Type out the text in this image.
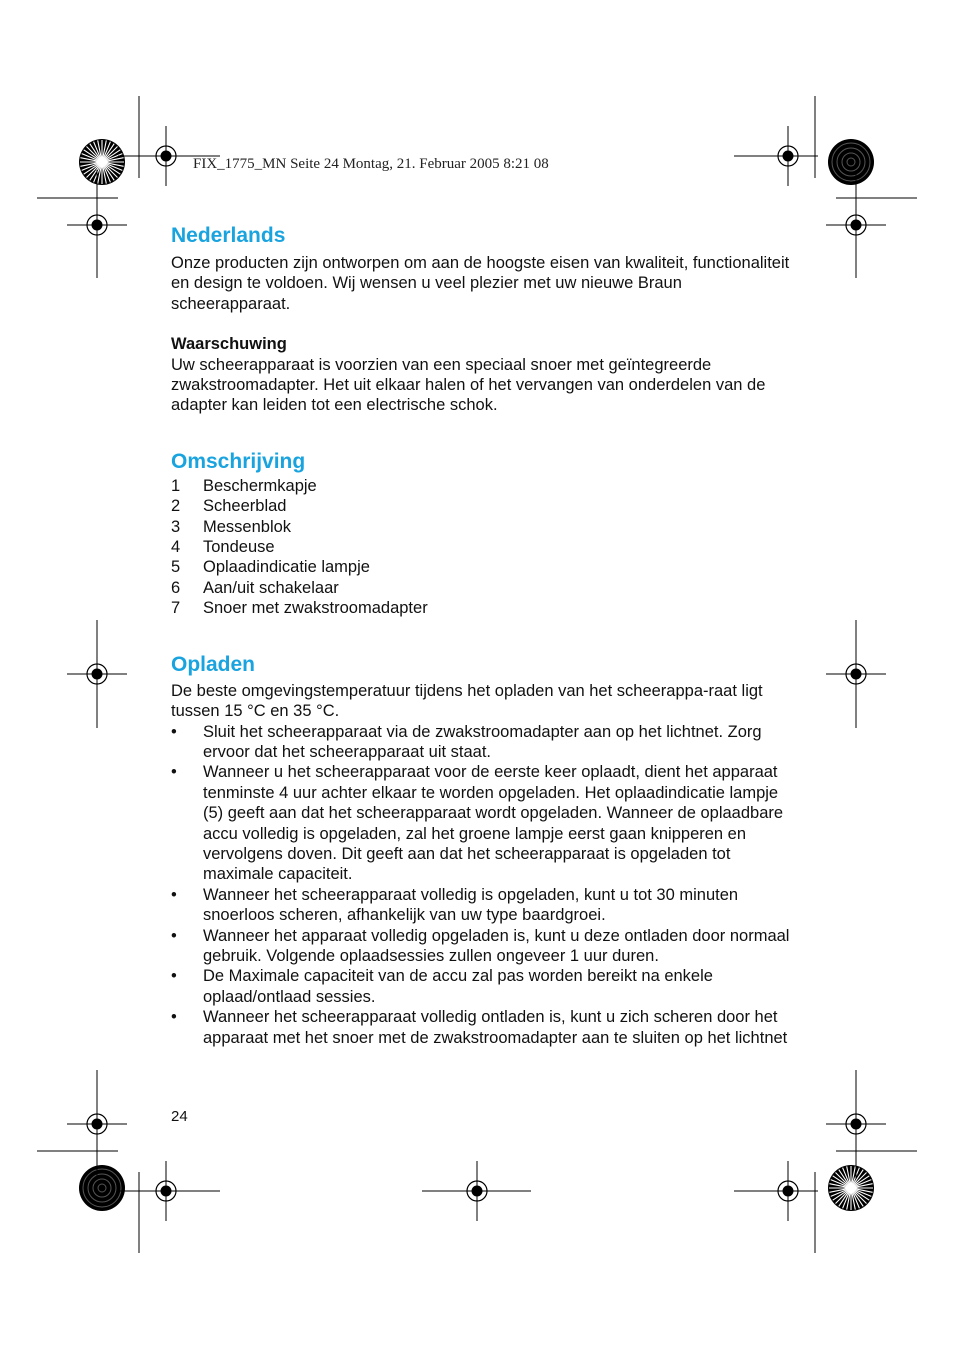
FIX_1775_MN Seite 24 Montag, 21. Februar 2005 8:21 08
Nederlands

Onze producten zijn ontworpen om aan de hoogste eisen van kwaliteit, functionaliteit en design te voldoen. Wij wensen u veel plezier met uw nieuwe Braun scheerapparaat.

Waarschuwing

Uw scheerapparaat is voorzien van een speciaal snoer met geïntegreerde zwakstroomadapter. Het uit elkaar halen of het vervangen van onderdelen van de adapter kan leiden tot een electrische schok.

Omschrijving
1	Beschermkapje
2	Scheerblad
3	Messenblok
4	Tondeuse
5	Oplaadindicatie lampje
6	Aan/uit schakelaar
7	Snoer met zwakstroomadapter
Opladen

De beste omgevingstemperatuur tijdens het opladen van het scheerappa-raat ligt tussen 15 °C en 35 °C.

•	Sluit het scheerapparaat via de zwakstroomadapter aan op het lichtnet. Zorg ervoor dat het scheerapparaat uit staat.
•	Wanneer u het scheerapparaat voor de eerste keer oplaadt, dient het apparaat tenminste 4 uur achter elkaar te worden opgeladen. Het oplaadindicatie lampje (5) geeft aan dat het scheerapparaat wordt opgeladen. Wanneer de oplaadbare accu volledig is opgeladen, zal het groene lampje eerst gaan knipperen en vervolgens doven. Dit geeft aan dat het scheerapparaat is opgeladen tot maximale capaciteit.
•	Wanneer het scheerapparaat volledig is opgeladen, kunt u tot 30 minuten snoerloos scheren, afhankelijk van uw type baardgroei.
•	Wanneer het apparaat volledig opgeladen is, kunt u deze ontladen door normaal gebruik. Volgende oplaadsessies zullen ongeveer 1 uur duren.
•	De Maximale capaciteit van de accu zal pas worden bereikt na enkele oplaad/ontlaad sessies.
•	Wanneer het scheerapparaat volledig ontladen is, kunt u zich scheren door het apparaat met het snoer met de zwakstroomadapter aan te sluiten op het lichtnet
24
